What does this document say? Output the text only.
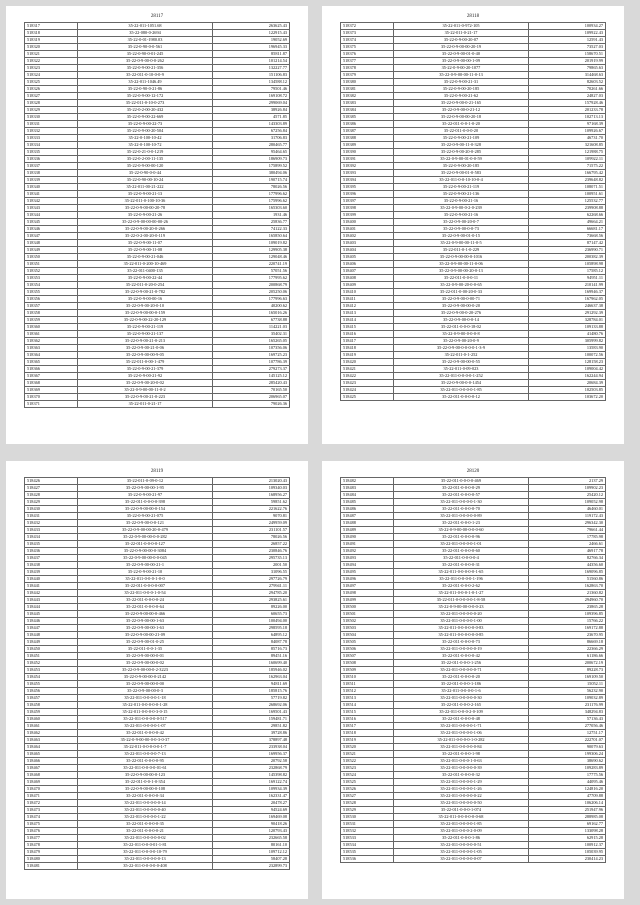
28117
518317	35-22-011-1051.68	263625.43
518318	35-22-080-0-2694	122915.43
518319	35-22-0-01-1980.03	19052.69
518320	35-22-0-90-0-0-561	196945.33
518321	35-22-0-90-0-01-245	85811.87
518322	35-22-0-9-00-0-0-262	101214.54
518323	35-22-0-9-00-21-356	132227.77
518324	35-22-011-0-10-0-0-9	151106.83
518325	35-22-011-1046.49	134588.12
518326	35-22-0-90-0-21-86	79501.46
518327	35-22-0-9-00-12-172	169108.72
518328	35-22-011-0-10-0-273	299069.04
518329	35-22-0-2-00-20-432	38926.84
518330	35-22-0-9-00-22-669	4571.85
518331	35-22-0-9-00-22-73	143303.89
518332	35-22-0-9-00-20-504	67256.84
518333	35-22-0-100-10-42	31706.83
518334	35-22-0-100-10-72	280465.77
518335	35-22-0-21-0-0-1219	95464.65
518336	35-22-0-2-00-11-135	186909.73
518337	35-22-0-9-00-00-120	175899.52
518338	35-22-0-90-0-0-44	380494.06
518339	35-22-0-90-00-10-24	190715.74
518340	35-22-011-00-21-222	78026.56
518341	35-22-0-9-00-21-13	177996.62
518342	35-22-011-0-100-10-36	175996.62
518343	35-22-0-9-00-00-20-78	165303.60
518344	35-22-0-9-00-21-26	1931.46
518345	35-22-0-9-00-00-00-00-26	25836.77
518346	35-22-0-9-00-20-0-266	74122.33
518347	35-22-0-2-00-20-0-119	165850.64
518348	35-22-0-9-00-11-07	109019.82
518349	35-22-0-9-00-11-08	129905.38
518350	35-22-0-9-00-21-046	129048.46
518351	35-22-011-0-200-10-469	220741.19
518352	35-22-011-0400-135	57051.56
518353	35-22-0-9-00-22-44	177995.62
518354	35-22-011-0-20-0-254	200868.79
518355	35-22-0-9-00-21-0-782	205250.06
518356	35-22-0-9-00-00-16	177996.63
518357	35-22-0-9-00-20-0-10	40200.62
518358	35-22-0-9-00-00-0-159	165016.26
518359	35-22-0-9-00-22-20-129	67738.88
518360	35-22-0-9-00-21-119	114221.03
518361	35-22-0-9-00-21-137	35402.31
518362	35-22-0-9-00-21-0-213	165265.05
518363	35-22-0-9-00-21-0-06	107356.06
518364	35-22-0-9-00-00-9-05	169725.23
518365	35-22-011-0-00-1-479	107786.39
518366	35-22-0-9-00-21-379	279273.37
518367	35-22-0-9-00-21-92	145125.12
518368	35-22-0-9-00-20-0-02	285420.43
518369	35-22-0-9-00-00-11-0-2	70165.50
518370	35-22-0-9-00-21-0-223	206965.07
518371	35-22-011-0-21-17	79026.36
28118
518372	35-22-011-0-972-105	100934.27
518373	35-22-011-0-21-17	109922.43
518374	35-22-0-9-00-20-07	12591.43
518375	35-22-0-9-00-00-20-19	73527.03
518376	35-22-0-9-00-01-0-40	158670.51
518377	35-22-0-9-00-00-1-09	201919.99
518378	35-22-0-9-00-20-1077	79865.63
518379	35-22-0-9-00-00-11-0-13	314468.63
518380	35-22-0-9-00-21-31	82603.52
518381	35-22-0-9-00-20-185	70261.66
518382	35-22-0-9-00-21-62	24827.03
518383	35-22-0-9-00-0-21-165	157928.46
518384	35-22-0-9-00-0-21-12	201233.78
518385	35-22-0-9-00-00-20-18	102713.13
518386	35-22-011-0-0-1-0-20	97168.39
518387	35-22-011-0-0-0-20	109926.67
518388	35-22-0-9-00-21-109	46731.70
518389	35-22-0-9-00-11-0-328	321608.85
518390	35-22-0-9-00-20-0-285	121988.75
518391	35-22-0-9-00-01-0-0-59	109922.11
518392	35-22-0-9-00-20-185	71575.22
518393	35-22-0-9-00-01-0-583	166795.42
518394	35-22-011-0-0-10-10-0-4	239648.82
518395	35-22-0-9-00-21-119	108071.51
518396	35-22-0-9-00-21-136	100951.61
518397	35-22-0-9-00-21-16	125532.77
518398	35-22-0-9-00-0-2-0-239	239908.88
518399	35-22-0-9-00-21-16	62268.66
518400	35-22-0-9-00-20-0-7	49664.21
518401	35-22-0-9-00-0-0-73	66681.17
518402	35-22-0-9-00-01-0-15	73668.56
518403	35-22-0-9-00-00-11-0-5	87147.42
518404	35-22-011-0-1-0-229	236990.71
518405	35-22-0-9-00-00-0-1016	200382.39
518406	35-22-0-9-00-00-11-0-06	105898.98
518407	35-22-0-9-00-00-20-0-13	17585.12
518408	35-22-011-0-0-0-11	94951.11
518409	35-22-0-9-00-20-0-0-65	210141.99
518410	35-22-011-0-00-20-0-33	169946.37
518411	35-22-0-9-00-0-00-71	167962.05
518412	35-22-0-9-00-00-0-20	246637.38
518413	35-22-0-9-00-0-20-276	291292.39
518414	35-22-0-9-00-0-0-14	328784.01
518415	35-22-011-0-0-0-18-02	109133.88
518416	35-22-0-9-00-0-0-0-8	41480.76
518417	35-22-0-9-00-20-0-9	305999.82
518418	35-22-0-9-00-0-0-0-0-1-3-9	13583.90
518419	35-22-011-0-1-252	100072.56
518420	35-22-0-9-00-00-0-55	128158.23
518421	35-22-011-0-09-023	109004.42
518422	35-22-011-0-0-0-0-1-252	162244.94
518423	35-22-0-9-00-0-0-1454	20684.39
518424	35-22-011-0-0-0-0-1-85	102503.85
518425	35-22-011-0-0-0-0-12	103672.20
28119
518426	35-22-011-0-09-0-12	213020.43
518427	35-22-0-9-00-00-1-95	109340.03
518428	35-22-0-9-00-21-97	168956.27
518429	35-22-011-0-0-0-0-398	59851.62
518430	35-22-0-9-00-00-0-154	221622.76
518431	35-22-0-9-00-21-075	9070.81
518432	35-22-0-9-00-0-0-121	249959.09
518433	35-22-0-9-00-00-20-0-479	231101.57
518434	35-22-0-9-00-00-0-0-282	78026.56
518435	35-22-011-0-0-0-0-127	26857.22
518436	35-22-0-9-00-00-0-3084	230846.76
518437	35-22-0-9-00-00-0-0-045	295735.13
518438	35-22-0-9-00-00-21-1	2001.50
518439	35-22-0-9-00-21-10	31096.55
518440	35-22-011-0-0-0-1-0-0	297726.79
518441	35-22-011-0-0-0-0-007	279941.11
518442	35-22-011-0-0-0-1-0-54	294785.20
518443	35-22-011-0-0-0-0-24	293825.61
518444	35-22-011-0-0-0-0-64	89226.00
518445	35-22-0-9-00-00-0-466	60655.73
518446	35-22-0-9-00-00-1-63	100494.00
518447	35-22-0-9-00-00-1-63	298595.18
518448	35-22-0-9-00-00-21-09	64895.12
518449	35-22-0-9-00-01-0-25	84087.78
518450	35-22-011-0-0-1-35	85716.73
518451	35-22-0-9-00-00-0-01	89451.16
518452	35-22-0-9-00-00-0-02	160699.40
518453	35-22-0-9-00-00-0-2-3223	185946.02
518454	35-22-0-9-00-00-0-2142	162963.04
518455	35-22-0-9-00-00-0-00	94811.69
518456	35-22-0-9-00-00-0-3	185815.76
518457	35-22-011-0-0-0-0-1-18	57719.82
518458	35-22-011-0-0-0-0-0-1-28	268692.06
518459	35-22-011-0-0-0-0-3-0-15	169501.43
518460	35-22-011-0-0-0-0-0-517	159481.71
518461	35-22-011-0-0-0-0-1-07	29851.82
518462	35-22-011-0-0-0-0-42	39728.86
518463	35-22-0-9-00-00-0-0-3-0-37	378897.48
518464	35-22-011-0-0-0-0-0-1-7	233938.04
518465	35-22-011-0-0-0-0-7-13	169956.37
518466	35-22-011-0-0-0-0-95	20792.58
518467	35-22-011-0-0-0-0-01-61	232868.79
518468	35-22-0-9-00-00-0-123	145398.82
518469	35-22-011-0-0-1-0-354	169122.74
518470	35-22-0-9-00-00-0-108	109934.39
518471	35-22-011-0-0-0-0-34	162331.47
518472	35-22-011-0-0-0-0-0-14	20478.27
518473	35-22-011-0-0-0-0-0-40	94524.69
518474	35-22-011-0-0-0-0-1-22	169469.08
518475	35-22-011-0-0-0-0-35	90418.26
518476	35-22-011-0-0-0-0-21	120793.43
518477	35-22-011-0-0-0-0-0-02	232665.58
518478	35-22-011-0-0-0-01-1-81	80161.10
518479	35-22-011-0-0-0-0-10-79	109712.12
518480	35-22-011-0-0-0-0-0-13	58407.28
518481	35-22-011-0-0-0-0-0-408	232899.73
28120
518482	35-22-011-0-0-0-0-469	2137.29
518483	35-22-011-0-0-0-0-29	109902.23
518484	35-22-011-0-0-0-0-57	25420.12
518485	35-22-011-0-0-0-0-1-30	109052.98
518486	35-22-011-0-0-0-0-70	46460.01
518487	35-22-011-0-0-0-0-0-89	119172.43
518488	35-22-011-0-0-0-1-23	296342.30
518489	35-22-0-9-00-00-0-0-0-60	79661.44
518490	35-22-011-0-0-0-0-96	17785.98
518491	35-22-011-0-0-0-0-1-01	2466.61
518492	35-22-011-0-0-0-0-60	46917.78
518493	35-22-011-0-0-0-0-4	82766.34
518494	35-22-011-0-0-0-0-31	44356.60
518495	35-22-011-0-0-0-0-0-1-65	169096.85
518496	35-22-011-0-0-0-0-1-196	51560.86
518497	35-22-011-0-0-0-2-62	162863.70
518498	35-22-011-0-0-0-1-0-1-27	21360.82
518499	35-22-011-0-0-0-0-0-1-8-58	294960.70
518500	35-22-0-9-00-00-0-0-0-23	23865.28
518501	35-22-011-0-0-0-0-0-20	109396.85
518502	35-22-011-0-0-0-0-1-00	15766.22
518503	35-22-011-0-0-0-0-0-0-83	169172.88
518504	35-22-011-0-0-0-0-0-0-85	23670.95
518505	35-22-011-0-0-0-0-73	86669.18
518506	35-22-011-0-0-0-0-0-19	22366.29
518507	35-22-011-0-0-0-0-42	61186.66
518508	35-22-011-0-0-0-1-256	200672.19
518509	35-22-011-0-0-0-0-0-71	89228.73
518510	35-22-011-0-0-0-0-20	169109.50
518511	35-22-011-0-0-0-1-186	15052.11
518512	35-22-011-0-0-0-0-1-6	56232.90
518513	35-22-011-0-0-0-0-0-30	109032.89
518514	35-22-011-0-0-0-2-165	231176.99
518515	35-22-011-0-0-0-2-0-109	348294.83
518516	35-22-011-0-0-0-0-48	57136.43
518517	35-22-011-0-0-0-0-1-71	277056.46
518518	35-22-011-0-0-0-0-1-06	12751.17
518519	35-22-011-0-0-0-0-1-0-282	222701.07
518520	35-22-011-0-0-0-0-0-84	90079.63
518521	35-22-011-0-0-0-1-98	199306.24
518522	35-22-011-0-0-0-1-0-63	38690.62
518523	35-22-011-0-0-0-0-0-39	109283.89
518524	35-22-011-0-0-0-0-32	17775.56
518525	35-22-011-0-0-0-0-1-29	44095.46
518526	35-22-011-0-0-0-0-1-26	124816.20
518527	35-22-011-0-0-0-0-0-22	47709.88
518528	35-22-011-0-0-0-0-0-50	106206.14
518529	35-22-011-0-0-0-1-074	251947.96
518530	35-22-011-0-0-0-0-0-0-68	288985.08
518531	35-22-011-0-0-0-0-1-85	69162.77
518532	35-22-011-0-0-0-2-0-09	133098.28
518533	35-22-011-0-0-0-1-86	62915.28
518534	35-22-011-0-0-0-0-0-51	100912.37
518535	35-22-011-0-0-0-0-1-05	105039.95
518536	35-22-011-0-0-0-0-0-07	230414.23
